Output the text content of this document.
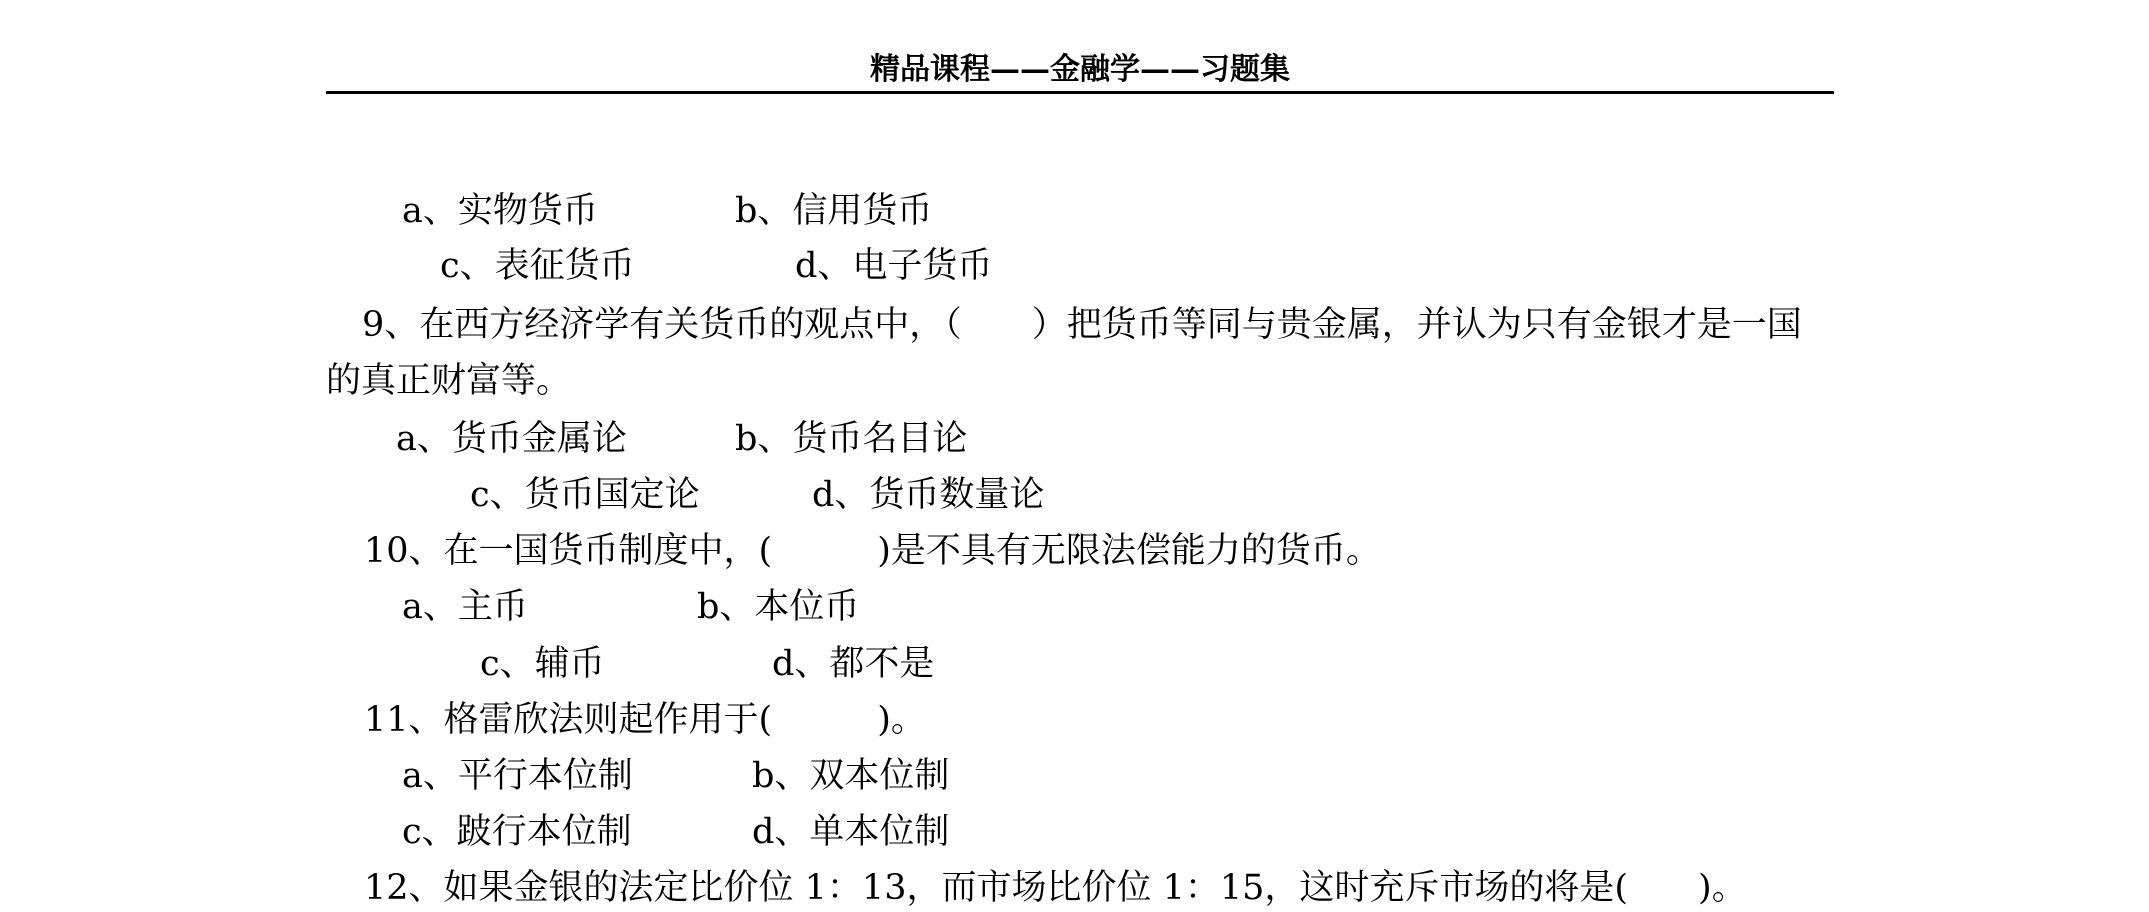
精品课程——金融学——习题集
a、实物货币	b、信用货币
c、表征货币	d、电子货币
9、在西方经济学有关货币的观点中，（　　）把货币等同与贵金属，并认为只有金银才是一国的真正财富等。
a、货币金属论	b、货币名目论
c、货币国定论	d、货币数量论
10、在一国货币制度中，(　　　)是不具有无限法偿能力的货币。
a、主币	b、本位币
c、辅币	d、都不是
11、格雷欣法则起作用于(　　　)。
a、平行本位制	b、双本位制
c、跛行本位制	d、单本位制
12、如果金银的法定比价位 1：13，而市场比价位 1：15，这时充斥市场的将是(　　)。
